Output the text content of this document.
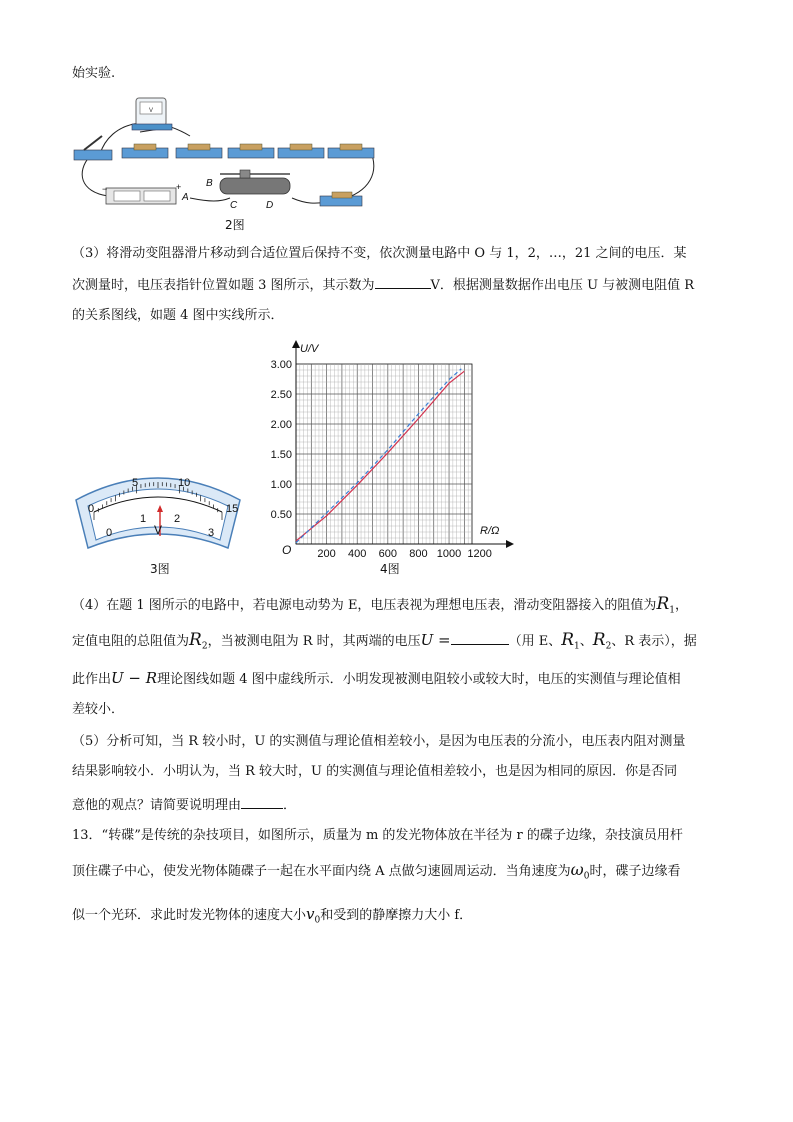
始实验.
V
−	+
A
B
C	D
2图
（3）将滑动变阻器滑片移动到合适位置后保持不变，依次测量电路中 O 与 1，2，…，21 之间的电压．某
次测量时，电压表指针位置如题 3 图所示，其示数为	V．根据测量数据作出电压 U 与被测电阻值 R
的关系图线，如题 4 图中实线所示．
0
5	10
15
0
1	2
3
V
3图
U/V
R/Ω
O 200 400 600 800 1000 1200
0.50
1.00
1.50
2.00
2.50
3.00
4图
（4）在题 1 图所示的电路中，若电源电动势为 E，电压表视为理想电压表，滑动变阻器接入的阻值为$R_1$，
定值电阻的总阻值为$R_2$，当被测电阻为 R 时，其两端的电压U =	（用 E、$R_1$、$R_2$、R 表示），据
此作出U − R理论图线如题 4 图中虚线所示．小明发现被测电阻较小或较大时，电压的实测值与理论值相
差较小．
（5）分析可知，当 R 较小时，U 的实测值与理论值相差较小，是因为电压表的分流小，电压表内阻对测量
结果影响较小．小明认为，当 R 较大时，U 的实测值与理论值相差较小，也是因为相同的原因．你是否同
意他的观点？请简要说明理由	．
13．“转碟”是传统的杂技项目，如图所示，质量为 m 的发光物体放在半径为 r 的碟子边缘，杂技演员用杆
顶住碟子中心，使发光物体随碟子一起在水平面内绕 A 点做匀速圆周运动．当角速度为$\omega_0$时，碟子边缘看
似一个光环．求此时发光物体的速度大小$v_0$和受到的静摩擦力大小 f．
